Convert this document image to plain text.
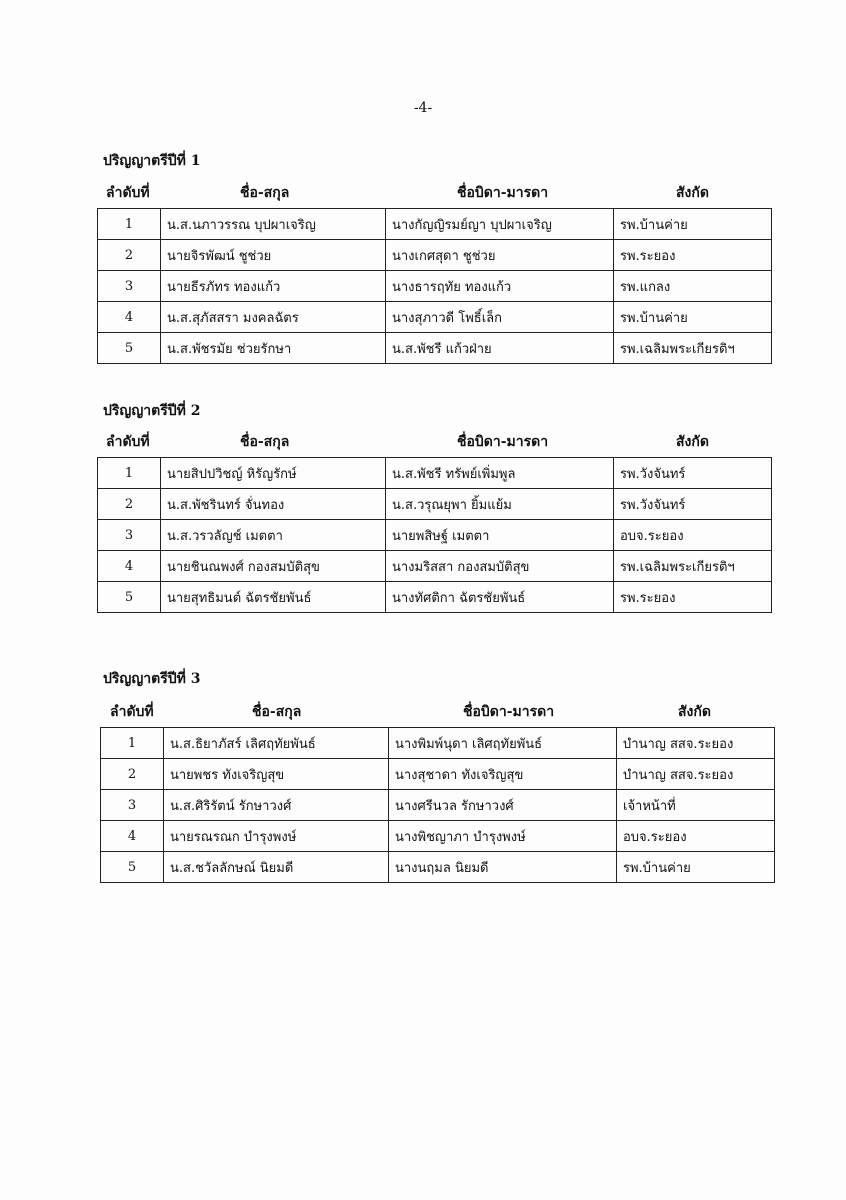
-4-
ปริญญาตรีปีที่ 1
ลำดับที่	ชื่อ-สกุล	ชื่อบิดา-มารดา	สังกัด
1	น.ส.นภาวรรณ บุปผาเจริญ	นางกัญญิรมย์ญา บุปผาเจริญ	รพ.บ้านค่าย
2	นายจิรพัฒน์ ชูช่วย	นางเกศสุดา ชูช่วย	รพ.ระยอง
3	นายธีรภัทร ทองแก้ว	นางธารฤทัย ทองแก้ว	รพ.แกลง
4	น.ส.สุภัสสรา มงคลฉัตร	นางสุภาวดี โพธิ์เล็ก	รพ.บ้านค่าย
5	น.ส.พัชรมัย ช่วยรักษา	น.ส.พัชรี แก้วฝ่าย	รพ.เฉลิมพระเกียรติฯ
ปริญญาตรีปีที่ 2
ลำดับที่	ชื่อ-สกุล	ชื่อบิดา-มารดา	สังกัด
1	นายสิปปวิชญ์ หิรัญรักษ์	น.ส.พัชรี ทรัพย์เพิ่มพูล	รพ.วังจันทร์
2	น.ส.พัชรินทร์ จั่นทอง	น.ส.วรุณยุพา ยิ้มแย้ม	รพ.วังจันทร์
3	น.ส.วรวลัญช์ เมตตา	นายพสิษฐ์ เมตตา	อบจ.ระยอง
4	นายชินณพงศ์ กองสมบัติสุข	นางมริสสา กองสมบัติสุข	รพ.เฉลิมพระเกียรติฯ
5	นายสุทธิมนต์ ฉัตรชัยพันธ์	นางทัศติกา ฉัตรชัยพันธ์	รพ.ระยอง
ปริญญาตรีปีที่ 3
ลำดับที่	ชื่อ-สกุล	ชื่อบิดา-มารดา	สังกัด
1	น.ส.ธิยาภัสร์ เลิศฤทัยพันธ์	นางพิมพ์นุดา เลิศฤทัยพันธ์	บำนาญ สสจ.ระยอง
2	นายพชร ทังเจริญสุข	นางสุชาดา ทังเจริญสุข	บำนาญ สสจ.ระยอง
3	น.ส.ศิริรัตน์ รักษาวงศ์	นางศรีนวล รักษาวงศ์	เจ้าหน้าที่
4	นายรณรณก บำรุงพงษ์	นางพิชญาภา บำรุงพงษ์	อบจ.ระยอง
5	น.ส.ชวัลลักษณ์ นิยมดี	นางนฤมล นิยมดี	รพ.บ้านค่าย
